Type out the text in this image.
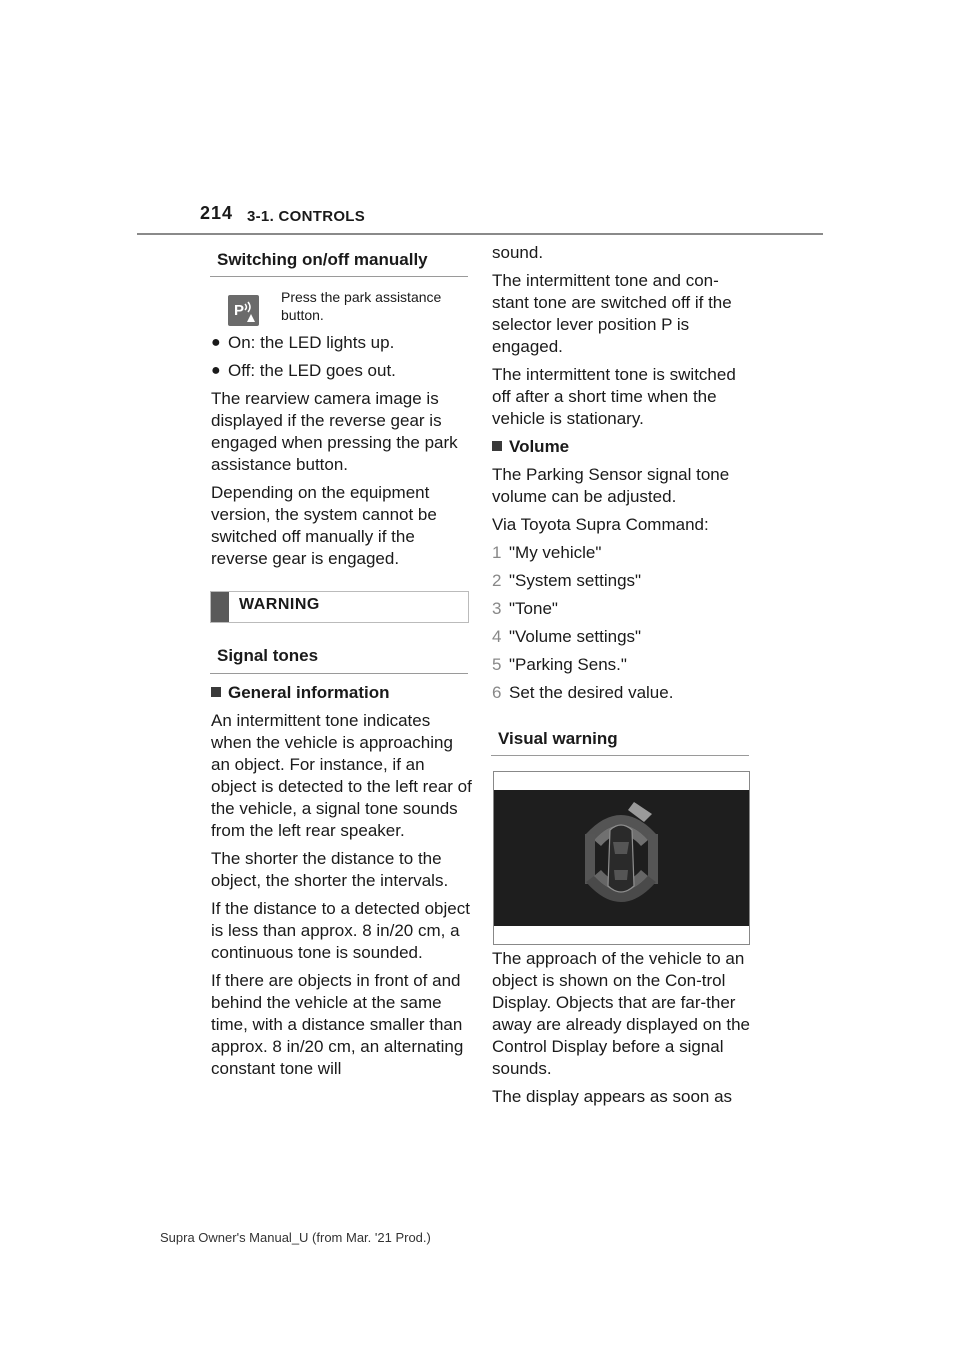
214 3-1. CONTROLS
Switching on/off manually
P
Press the park assistance button.
● On: the LED lights up.
● Off: the LED goes out.

The rearview camera image is displayed if the reverse gear is engaged when pressing the park assistance button.

Depending on the equipment version, the system cannot be switched off manually if the reverse gear is engaged.

WARNING
Signal tones
General information

An intermittent tone indicates when the vehicle is approaching an object. For instance, if an object is detected to the left rear of the vehicle, a signal tone sounds from the left rear speaker.

The shorter the distance to the object, the shorter the intervals.

If the distance to a detected object is less than approx. 8 in/20 cm, a continuous tone is sounded.

If there are objects in front of and behind the vehicle at the same time, with a distance smaller than approx. 8 in/20 cm, an alternating constant tone will

sound.

The intermittent tone and con-stant tone are switched off if the selector lever position P is engaged.

The intermittent tone is switched off after a short time when the vehicle is stationary.

Volume

The Parking Sensor signal tone volume can be adjusted.

Via Toyota Supra Command:

1 "My vehicle"
2 "System settings"
3 "Tone"
4 "Volume settings"
5 "Parking Sens."
6 Set the desired value.
Visual warning

The approach of the vehicle to an object is shown on the Con-trol Display. Objects that are far-ther away are already displayed on the Control Display before a signal sounds.

The display appears as soon as

Supra Owner's Manual_U (from Mar. '21 Prod.)
